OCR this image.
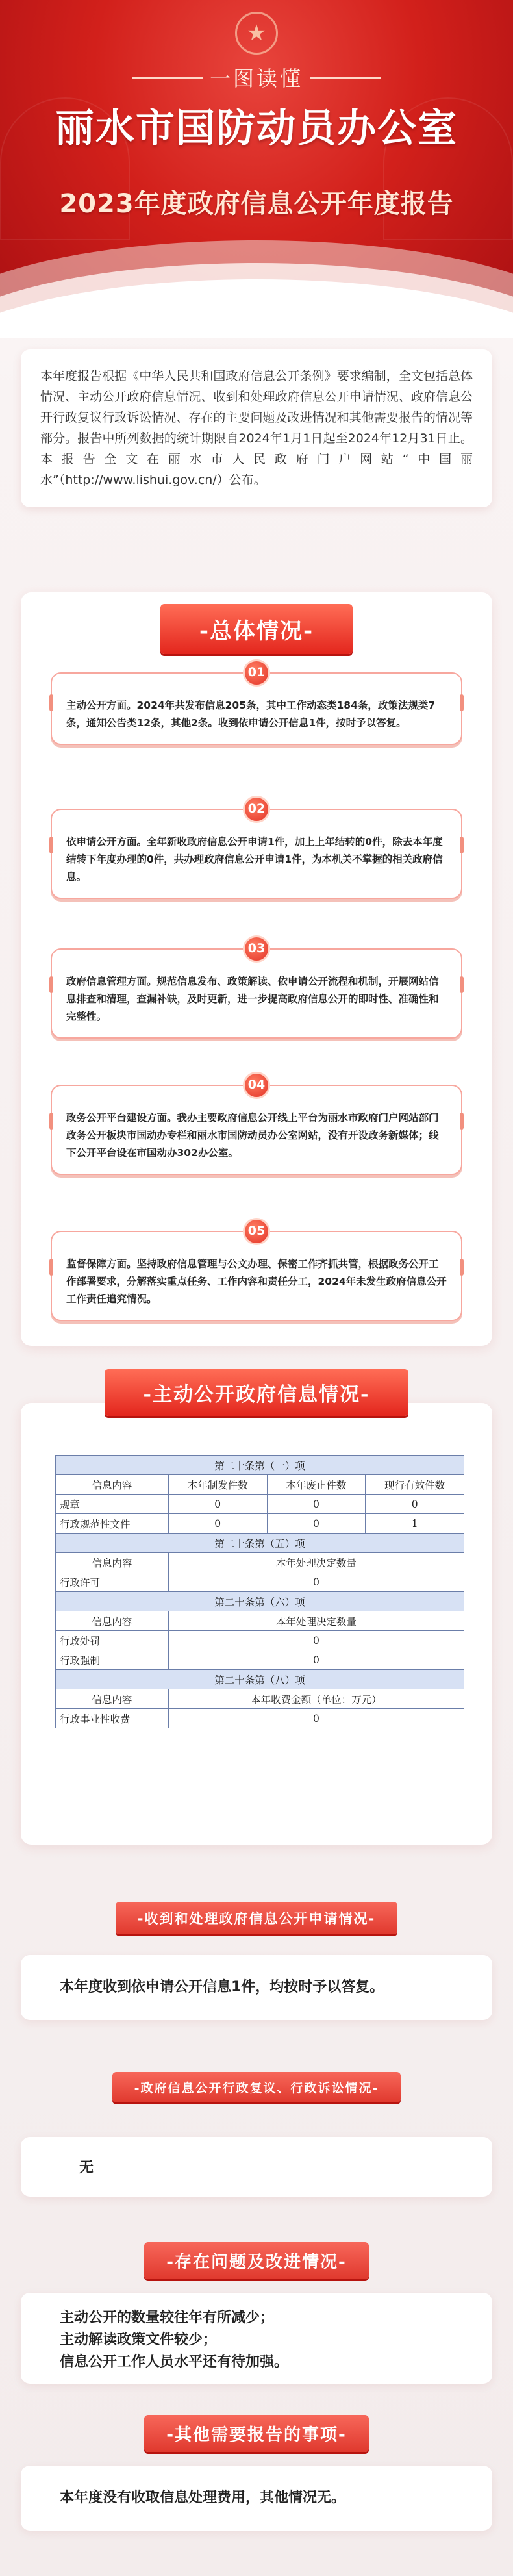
★
一图读懂
丽水市国防动员办公室
2023年度政府信息公开年度报告

本年度报告根据《中华人民共和国政府信息公开条例》要求编制，全文包括总体情况、主动公开政府信息情况、收到和处理政府信息公开申请情况、政府信息公开行政复议行政诉讼情况、存在的主要问题及改进情况和其他需要报告的情况等部分。报告中所列数据的统计期限自2024年1月1日起至2024年12月31日止。本报告全文在丽水市人民政府门户网站“中国丽水”（http://www.lishui.gov.cn/）公布。

-总体情况-
01
主动公开方面。2024年共发布信息205条，其中工作动态类184条，政策法规类7条，通知公告类12条，其他2条。收到依申请公开信息1件，按时予以答复。
02
依申请公开方面。全年新收政府信息公开申请1件，加上上年结转的0件，除去本年度结转下年度办理的0件，共办理政府信息公开申请1件，为本机关不掌握的相关政府信息。
03
政府信息管理方面。规范信息发布、政策解读、依申请公开流程和机制，开展网站信息排查和清理，查漏补缺，及时更新，进一步提高政府信息公开的即时性、准确性和完整性。
04
政务公开平台建设方面。我办主要政府信息公开线上平台为丽水市政府门户网站部门政务公开板块市国动办专栏和丽水市国防动员办公室网站，没有开设政务新媒体；线下公开平台设在市国动办302办公室。
05
监督保障方面。坚持政府信息管理与公文办理、保密工作齐抓共管，根据政务公开工作部署要求，分解落实重点任务、工作内容和责任分工，2024年未发生政府信息公开工作责任追究情况。
-主动公开政府信息情况-
第二十条第（一）项			
信息内容	本年制发件数	本年废止件数	现行有效件数
规章	0	0	0
行政规范性文件	0	0	1
第二十条第（五）项			
信息内容	本年处理决定数量		
行政许可	0		
第二十条第（六）项			
信息内容	本年处理决定数量		
行政处罚	0		
行政强制	0		
第二十条第（八）项			
信息内容	本年收费金额（单位：万元）		
行政事业性收费	0		
-收到和处理政府信息公开申请情况-
本年度收到依申请公开信息1件，均按时予以答复。
-政府信息公开行政复议、行政诉讼情况-
无
-存在问题及改进情况-
主动公开的数量较往年有所减少；
主动解读政策文件较少；
信息公开工作人员水平还有待加强。
-其他需要报告的事项-
本年度没有收取信息处理费用，其他情况无。
